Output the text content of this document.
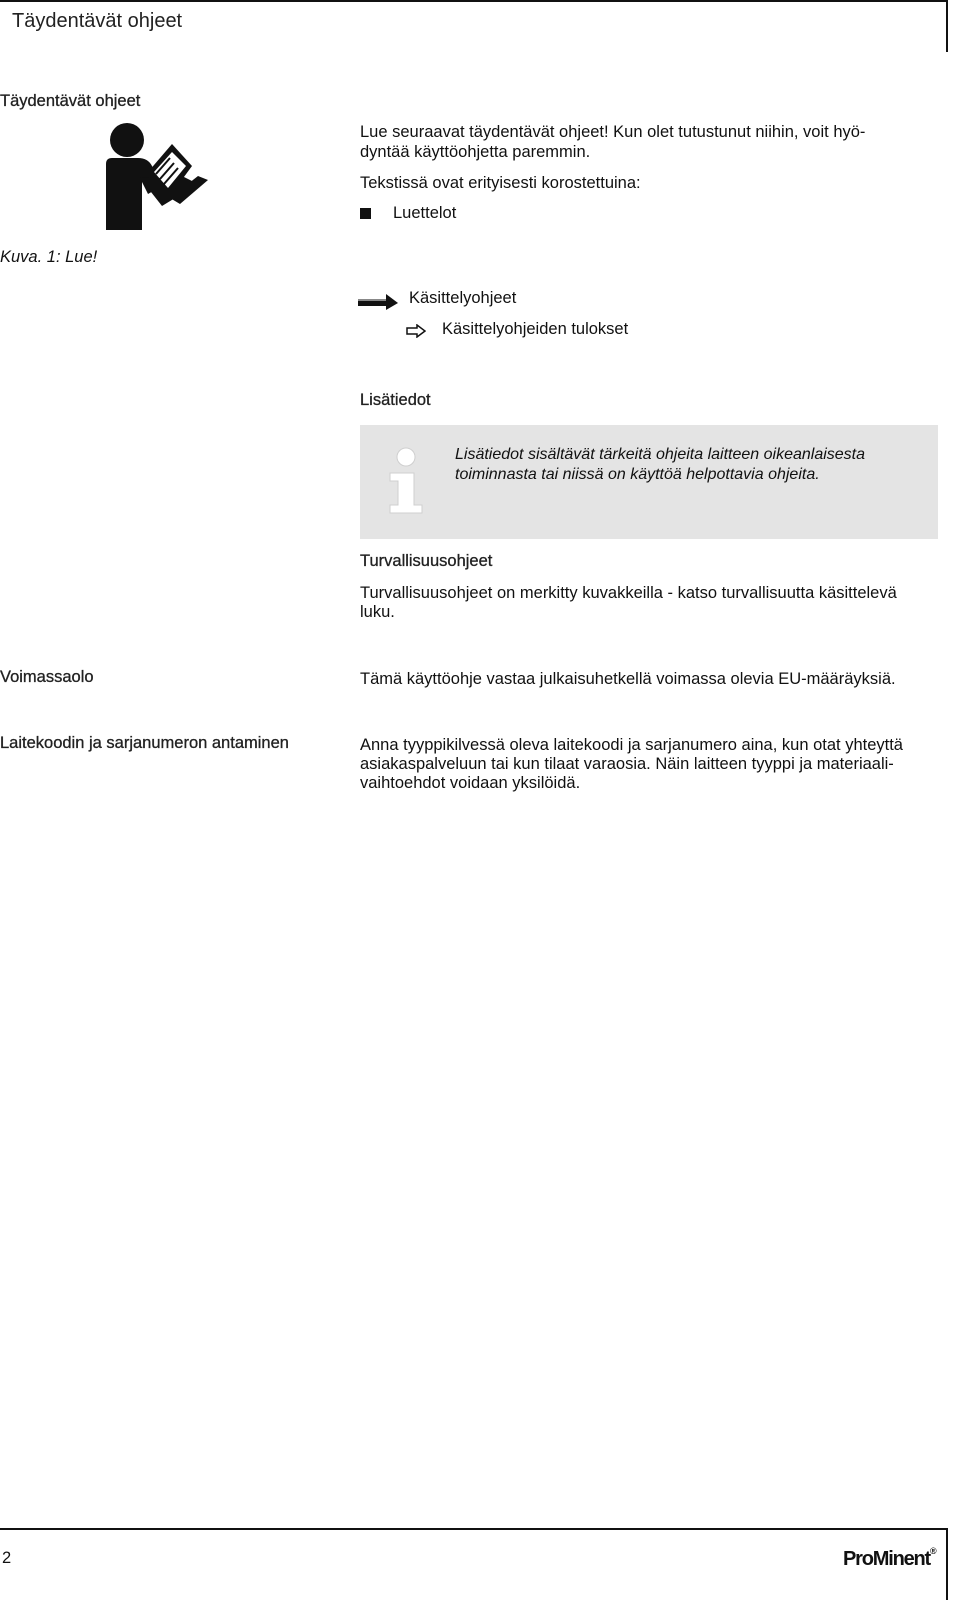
Täydentävät ohjeet
Täydentävät ohjeet
Lue seuraavat täydentävät ohjeet! Kun olet tutustunut niihin, voit hyö-
dyntää käyttöohjetta paremmin.
Tekstissä ovat erityisesti korostettuina:
Luettelot
Kuva. 1: Lue!
Käsittelyohjeet
Käsittelyohjeiden tulokset
Lisätiedot
Lisätiedot sisältävät tärkeitä ohjeita laitteen oikeanlaisesta
toiminnasta tai niissä on käyttöä helpottavia ohjeita.
Turvallisuusohjeet
Turvallisuusohjeet on merkitty kuvakkeilla - katso turvallisuutta käsittelevä
luku.
Voimassaolo	Tämä käyttöohje vastaa julkaisuhetkellä voimassa olevia EU-määräyksiä.
Laitekoodin ja sarjanumeron antaminen	Anna tyyppikilvessä oleva laitekoodi ja sarjanumero aina, kun otat yhteyttä
asiakaspalveluun tai kun tilaat varaosia. Näin laitteen tyyppi ja materiaali-
vaihtoehdot voidaan yksilöidä.
2	ProMinent®
